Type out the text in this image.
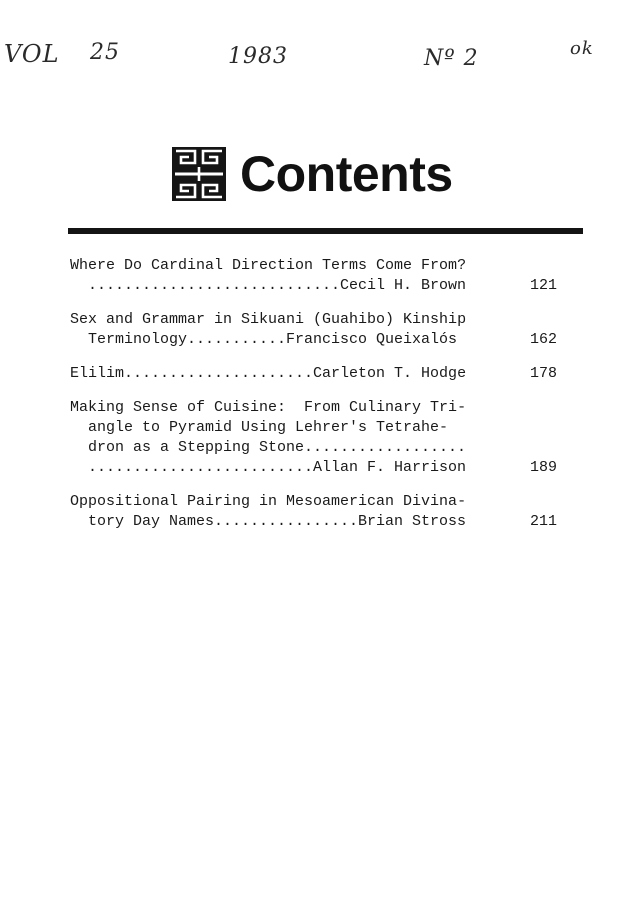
VOL 25	1983	Nº 2	ok
Contents
Where Do Cardinal Direction Terms Come From?
............................Cecil H. Brown	121
Sex and Grammar in Sikuani (Guahibo) Kinship
Terminology...........Francisco Queixalós	162
Elilim.....................Carleton T. Hodge	178
Making Sense of Cuisine:  From Culinary Tri-
angle to Pyramid Using Lehrer's Tetrahe-
dron as a Stepping Stone..................
.........................Allan F. Harrison	189
Oppositional Pairing in Mesoamerican Divina-
tory Day Names................Brian Stross	211
